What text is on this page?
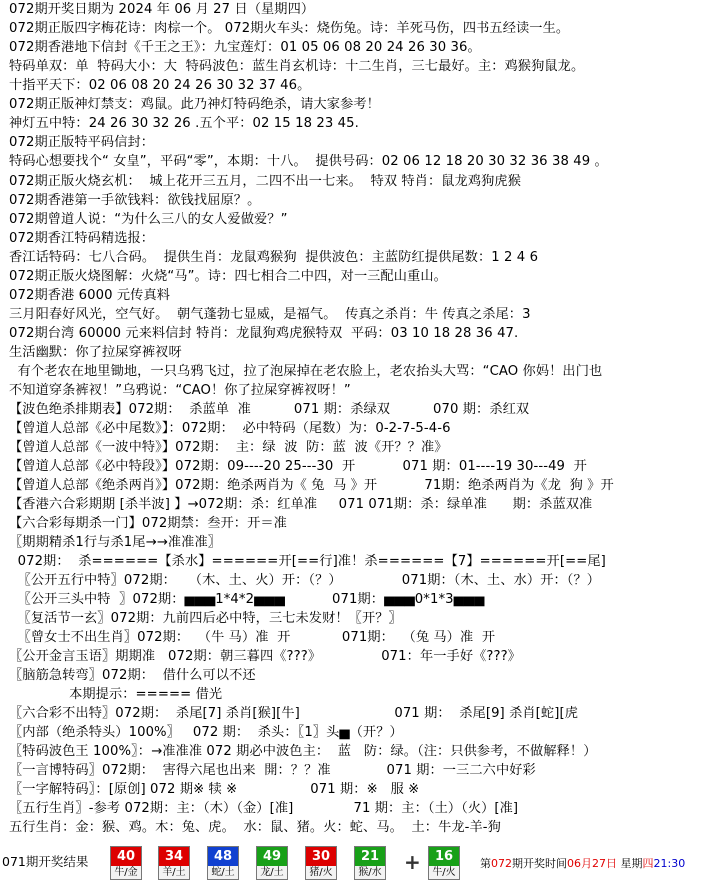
072期开奖日期为 2024 年 06 月 27 日（星期四）
072期正版四字梅花诗：肉棕一个。 072期火车头：烧伤兔。诗：羊死马伤，四书五经读一生。
072期香港地下信封《千王之王》：九宝莲灯：01 05 06 08 20 24 26 30 36。
特码单双：单  特码大小：大  特码波色：蓝生肖玄机诗：十二生肖，三七最好。主：鸡猴狗鼠龙。
十指平天下：02 06 08 20 24 26 30 32 37 46。
072期正版神灯禁支：鸡鼠。此乃神灯特码绝杀，请大家参考！
神灯五中特：24 26 30 32 26 .五个平：02 15 18 23 45.
072期正版特平码信封：
特码心想要找个“ 女皇”，平码“零”，本期：十八。  提供号码：02 06 12 18 20 30 32 36 38 49 。
072期正版火烧玄机：  城上花开三五月，二四不出一七来。  特双 特肖：鼠龙鸡狗虎猴
072期香港第一手欲钱料：欲钱找屈原？。
072期曾道人说：“为什么三八的女人爱做爱？”
072期香江特码精选报：
香江话特码：七八合码。  提供生肖：龙鼠鸡猴狗  提供波色：主蓝防红提供尾数：1 2 4 6
072期正版火烧图解：火烧“马”。诗：四七相合二中四，对一三配山重山。
072期香港 6000 元传真料
三月阳春好风光，空气好。  朝气蓬勃七显威，是福气。  传真之杀肖：牛 传真之杀尾：3
072期台湾 60000 元来料信封 特肖：龙鼠狗鸡虎猴特双  平码：03 10 18 28 36 47.
生活幽默：你了拉屎穿裤衩呀
有个老农在地里锄地，一只乌鸦飞过，拉了泡屎掉在老农脸上，老农抬头大骂：“CAO 你妈！出门也
不知道穿条裤衩！”乌鸦说：“CAO！你了拉屎穿裤衩呀！”
【波色绝杀排期表】072期：  杀蓝单  准          071 期：杀绿双          070 期：杀红双
【曾道人总部《必中尾数》】：072期：  必中特码（尾数）为：0-2-7-5-4-6
【曾道人总部《一波中特》】072期：  主：绿  波  防：蓝  波《开？？准》
【曾道人总部《必中特段》】072期：09----20 25---30  开           071 期：01----19 30---49  开
【曾道人总部《绝杀两肖》】072期：绝杀两肖为《 兔  马 》开           71期：绝杀两肖为《龙  狗 》开
【香港六合彩期期 [杀半波] 】→072期：杀：红单准     071 071期：杀：绿单准      期：杀蓝双准
【六合彩每期杀一门】072期禁：叁开：开＝准
〖期期精杀1行与杀1尾→→准准准〗
072期：  杀======【杀水】======开[==行]准！杀======【7】======开[==尾]
〖公开五行中特〗072期：   （木、土、火）开：（？）              071期：（木、土、水）开：（？）
〖公开三头中特  〗072期：▅▅▅1*4*2▅▅▅           071期：▅▅▅0*1*3▅▅▅
〖复活节一玄〗072期：九前四后必中特，三七未发财！〖开？〗
〖曾女士不出生肖〗072期：  （牛 马）准  开            071期：  （兔 马）准  开
〖公开金言玉语〗期期准   072期：朝三暮四《???》              071：年一手好《???》
〖脑筋急转弯〗072期：  借什么可以不还
本期提示：===== 借光
〖六合彩不出特〗072期：  杀尾[7] 杀肖[猴][牛]                      071 期：  杀尾[9] 杀肖[蛇][虎
〖内部（绝杀特头）100%〗   072 期：  杀头：〖1〗头▅（开？）
〖特码波色王 100%〗：→准准准 072 期必中波色主：  蓝   防：绿。（注：只供参考，不做解释！）
〖一言博特码〗072期：  害得六尾也出来  開：？？准             071 期：一三二六中好彩
〖一字解特码〗：[原创] 072 期※ 犊 ※                 071 期：※   服 ※
〖五行生肖〗-参考 072期：主：（木）（金）[准]              71 期：主：（土）（火）[准]
五行生肖：金：猴、鸡。木：兔、虎。  水：鼠、猪。火：蛇、马。  土：牛龙-羊-狗
071期开奖结果	40
牛/金
34
羊/土
48
蛇/土
49
龙/土
30
猪/火
21
猴/水 +	16
牛/火
第072期开奖时间06月27日 星期四21:30
